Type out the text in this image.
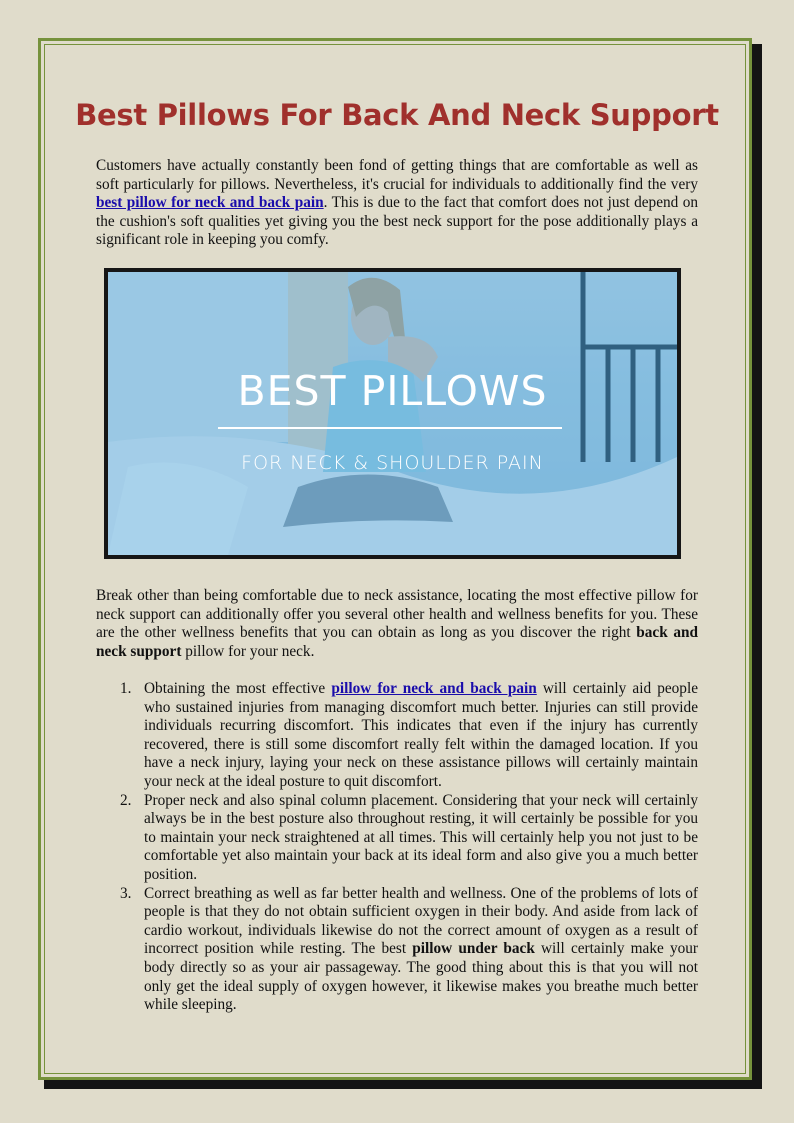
Best Pillows For Back And Neck Support

Customers have actually constantly been fond of getting things that are comfortable as well as soft particularly for pillows. Nevertheless, it's crucial for individuals to additionally find the very best pillow for neck and back pain. This is due to the fact that comfort does not just depend on the cushion's soft qualities yet giving you the best neck support for the pose additionally plays a significant role in keeping you comfy.

BEST PILLOWS

FOR NECK & SHOULDER PAIN

Break other than being comfortable due to neck assistance, locating the most effective pillow for neck support can additionally offer you several other health and wellness benefits for you. These are the other wellness benefits that you can obtain as long as you discover the right back and neck support pillow for your neck.

1. Obtaining the most effective pillow for neck and back pain will certainly aid people who sustained injuries from managing discomfort much better. Injuries can still provide individuals recurring discomfort. This indicates that even if the injury has currently recovered, there is still some discomfort really felt within the damaged location. If you have a neck injury, laying your neck on these assistance pillows will certainly maintain your neck at the ideal posture to quit discomfort.
2. Proper neck and also spinal column placement. Considering that your neck will certainly always be in the best posture also throughout resting, it will certainly be possible for you to maintain your neck straightened at all times. This will certainly help you not just to be comfortable yet also maintain your back at its ideal form and also give you a much better position.
3. Correct breathing as well as far better health and wellness. One of the problems of lots of people is that they do not obtain sufficient oxygen in their body. And aside from lack of cardio workout, individuals likewise do not the correct amount of oxygen as a result of incorrect position while resting. The best pillow under back will certainly make your body directly so as your air passageway. The good thing about this is that you will not only get the ideal supply of oxygen however, it likewise makes you breathe much better while sleeping.
